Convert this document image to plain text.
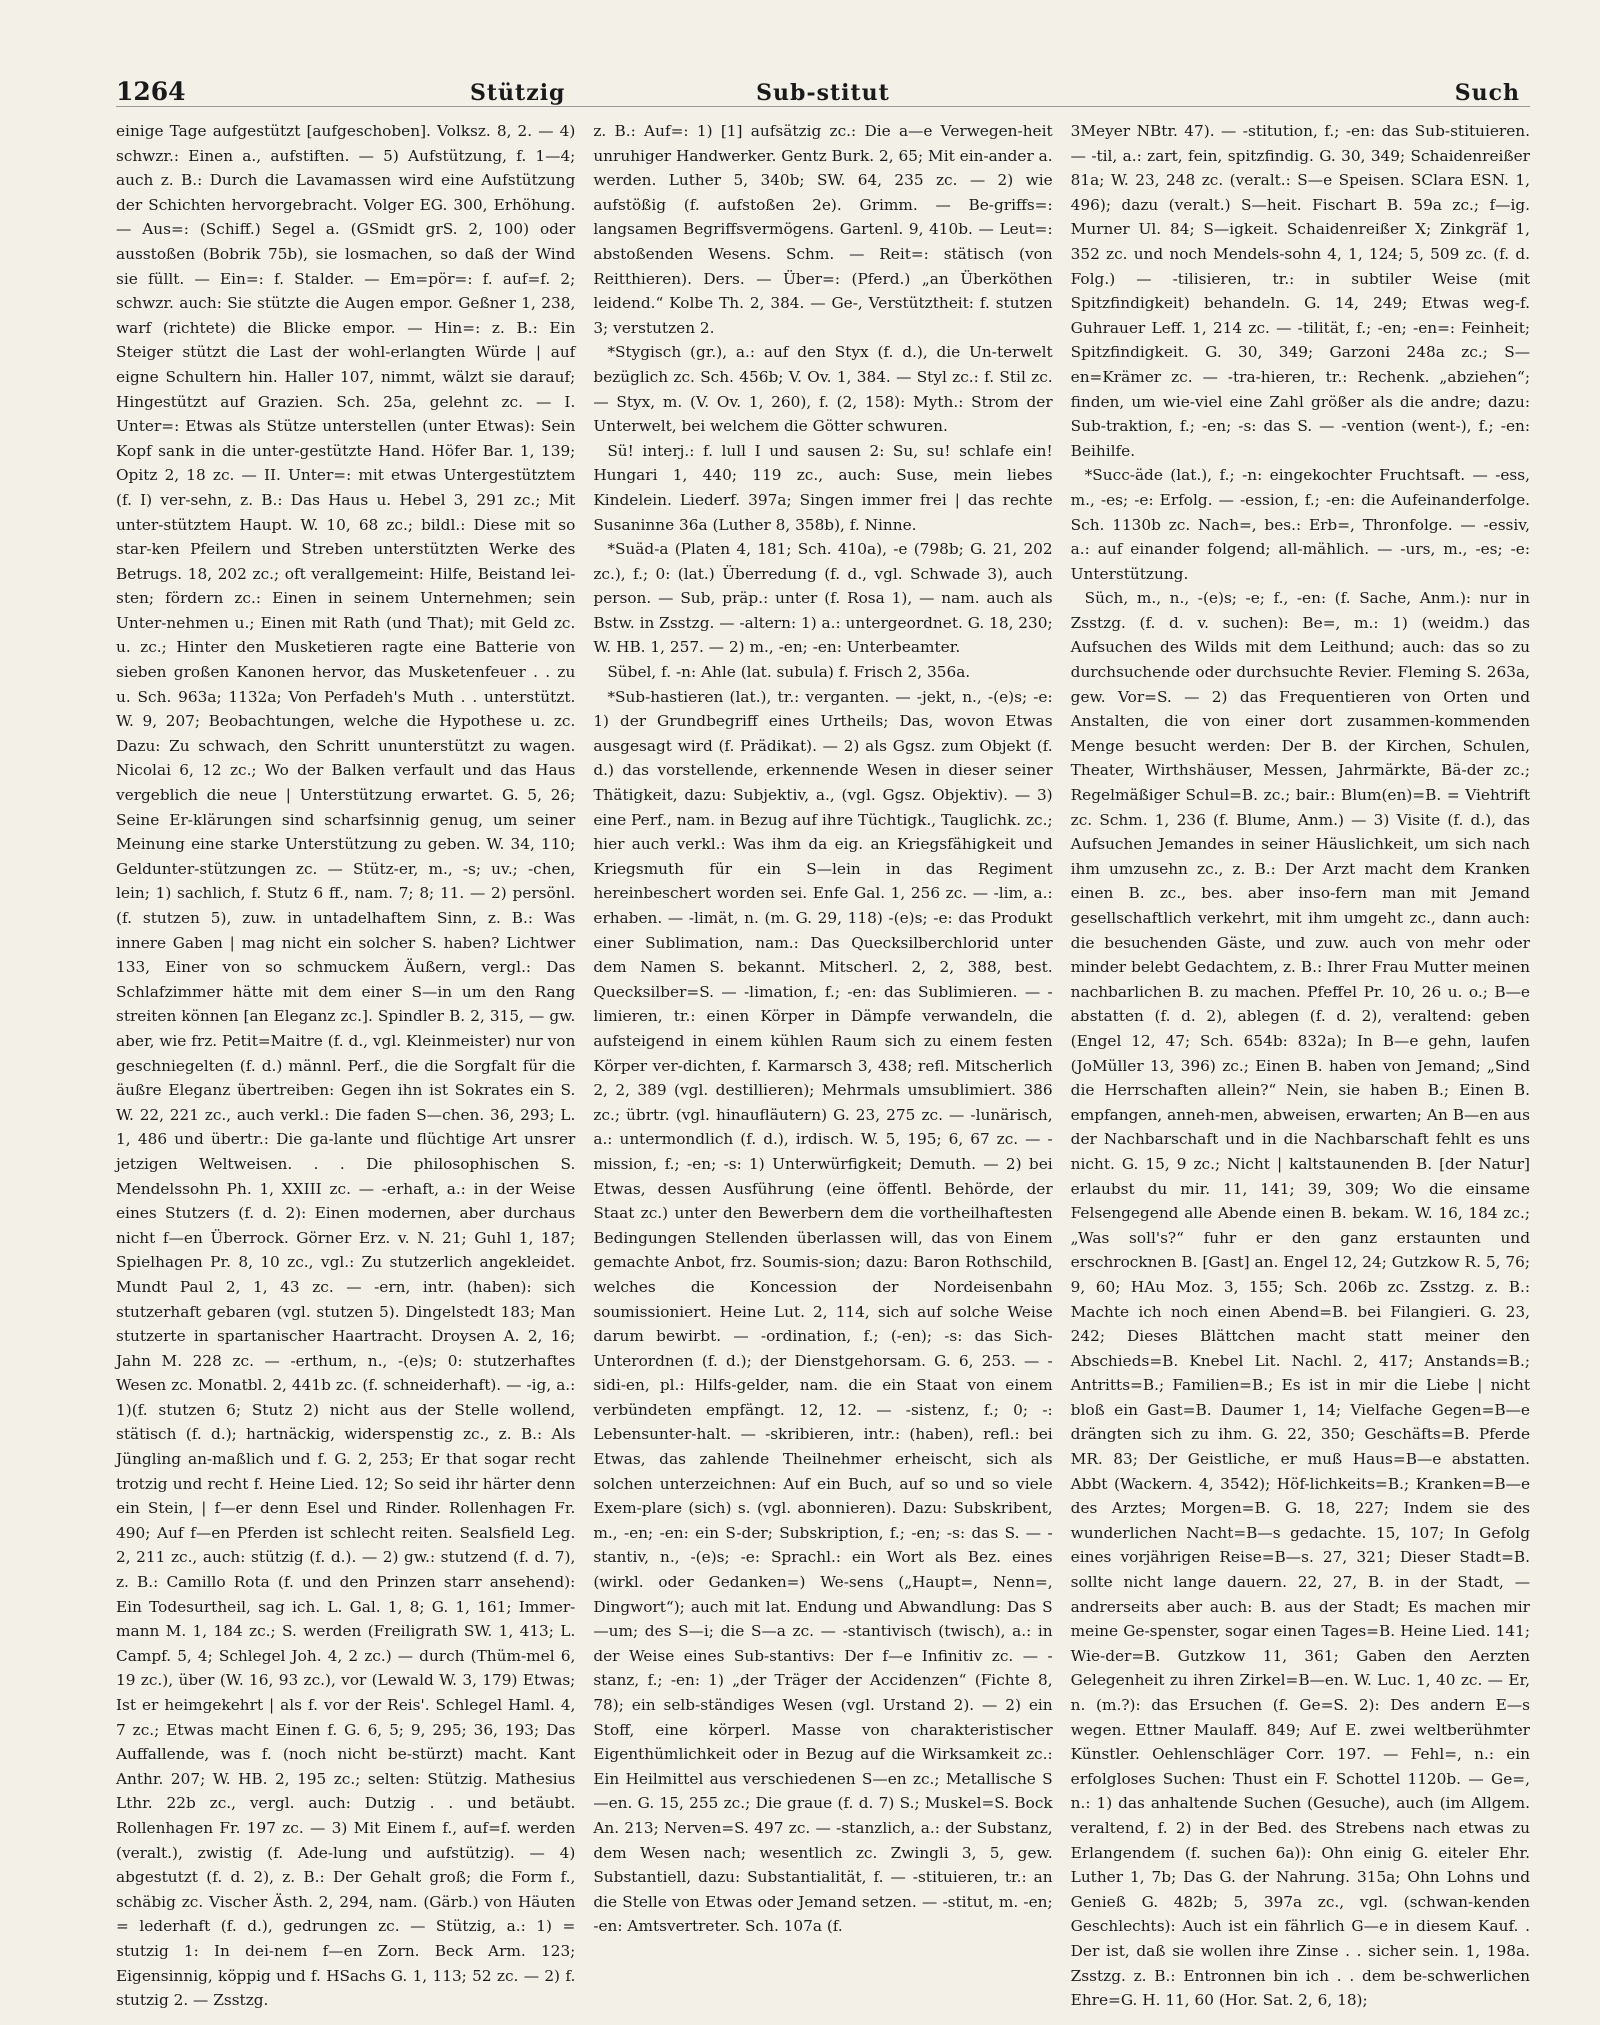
1264	Sub-stitut	Such
Stützig

einige Tage aufgestützt [aufgeschoben]. Volksz. 8, 2. — 4) schwzr.: Einen a., aufstiften. — 5) Aufstützung, f. 1—4; auch z. B.: Durch die Lavamassen wird eine Aufstützung der Schichten hervorgebracht. Volger EG. 300, Erhöhung. — Aus=: (Schiff.) Segel a. (GSmidt grS. 2, 100) oder ausstoßen (Bobrik 75b), sie losmachen, so daß der Wind sie füllt. — Ein=: f. Stalder. — Em=pör=: f. auf=f. 2; schwzr. auch: Sie stützte die Augen empor. Geßner 1, 238, warf (richtete) die Blicke empor. — Hin=: z. B.: Ein Steiger stützt die Last der wohl-erlangten Würde | auf eigne Schultern hin. Haller 107, nimmt, wälzt sie darauf; Hingestützt auf Grazien. Sch. 25a, gelehnt zc. — I. Unter=: Etwas als Stütze unterstellen (unter Etwas): Sein Kopf sank in die unter-gestützte Hand. Höfer Bar. 1, 139; Opitz 2, 18 zc. — II. Unter=: mit etwas Untergestütztem (f. I) ver-sehn, z. B.: Das Haus u. Hebel 3, 291 zc.; Mit unter-stütztem Haupt. W. 10, 68 zc.; bildl.: Diese mit so star-ken Pfeilern und Streben unterstützten Werke des Betrugs. 18, 202 zc.; oft verallgemeint: Hilfe, Beistand lei-sten; fördern zc.: Einen in seinem Unternehmen; sein Unter-nehmen u.; Einen mit Rath (und That); mit Geld zc. u. zc.; Hinter den Musketieren ragte eine Batterie von sieben großen Kanonen hervor, das Musketenfeuer . . zu u. Sch. 963a; 1132a; Von Perfadeh's Muth . . unterstützt. W. 9, 207; Beobachtungen, welche die Hypothese u. zc. Dazu: Zu schwach, den Schritt ununterstützt zu wagen. Nicolai 6, 12 zc.; Wo der Balken verfault und das Haus vergeblich die neue | Unterstützung erwartet. G. 5, 26; Seine Er-klärungen sind scharfsinnig genug, um seiner Meinung eine starke Unterstützung zu geben. W. 34, 110; Geldunter-stützungen zc. — Stütz-er, m., -s; uv.; -chen, lein; 1) sachlich, f. Stutz 6 ff., nam. 7; 8; 11. — 2) persönl. (f. stutzen 5), zuw. in untadelhaftem Sinn, z. B.: Was innere Gaben | mag nicht ein solcher S. haben? Lichtwer 133, Einer von so schmuckem Äußern, vergl.: Das Schlafzimmer hätte mit dem einer S—in um den Rang streiten können [an Eleganz zc.]. Spindler B. 2, 315, — gw. aber, wie frz. Petit=Maitre (f. d., vgl. Kleinmeister) nur von geschniegelten (f. d.) männl. Perf., die die Sorgfalt für die äußre Eleganz übertreiben: Gegen ihn ist Sokrates ein S. W. 22, 221 zc., auch verkl.: Die faden S—chen. 36, 293; L. 1, 486 und übertr.: Die ga-lante und flüchtige Art unsrer jetzigen Weltweisen. . . Die philosophischen S. Mendelssohn Ph. 1, XXIII zc. — -erhaft, a.: in der Weise eines Stutzers (f. d. 2): Einen modernen, aber durchaus nicht f—en Überrock. Görner Erz. v. N. 21; Guhl 1, 187; Spielhagen Pr. 8, 10 zc., vgl.: Zu stutzerlich angekleidet. Mundt Paul 2, 1, 43 zc. — -ern, intr. (haben): sich stutzerhaft gebaren (vgl. stutzen 5). Dingelstedt 183; Man stutzerte in spartanischer Haartracht. Droysen A. 2, 16; Jahn M. 228 zc. — -erthum, n., -(e)s; 0: stutzerhaftes Wesen zc. Monatbl. 2, 441b zc. (f. schneiderhaft). — -ig, a.: 1)(f. stutzen 6; Stutz 2) nicht aus der Stelle wollend, stätisch (f. d.); hartnäckig, widerspenstig zc., z. B.: Als Jüngling an-maßlich und f. G. 2, 253; Er that sogar recht trotzig und recht f. Heine Lied. 12; So seid ihr härter denn ein Stein, | f—er denn Esel und Rinder. Rollenhagen Fr. 490; Auf f—en Pferden ist schlecht reiten. Sealsfield Leg. 2, 211 zc., auch: stützig (f. d.). — 2) gw.: stutzend (f. d. 7), z. B.: Camillo Rota (f. und den Prinzen starr ansehend): Ein Todesurtheil, sag ich. L. Gal. 1, 8; G. 1, 161; Immer-mann M. 1, 184 zc.; S. werden (Freiligrath SW. 1, 413; L. Campf. 5, 4; Schlegel Joh. 4, 2 zc.) — durch (Thüm-mel 6, 19 zc.), über (W. 16, 93 zc.), vor (Lewald W. 3, 179) Etwas; Ist er heimgekehrt | als f. vor der Reis'. Schlegel Haml. 4, 7 zc.; Etwas macht Einen f. G. 6, 5; 9, 295; 36, 193; Das Auffallende, was f. (noch nicht be-stürzt) macht. Kant Anthr. 207; W. HB. 2, 195 zc.; selten: Stützig. Mathesius Lthr. 22b zc., vergl. auch: Dutzig . . und betäubt. Rollenhagen Fr. 197 zc. — 3) Mit Einem f., auf=f. werden (veralt.), zwistig (f. Ade-lung und aufstützig). — 4) abgestutzt (f. d. 2), z. B.: Der Gehalt groß; die Form f., schäbig zc. Vischer Ästh. 2, 294, nam. (Gärb.) von Häuten = lederhaft (f. d.), gedrungen zc. — Stützig, a.: 1) = stutzig 1: In dei-nem f—en Zorn. Beck Arm. 123; Eigensinnig, köppig und f. HSachs G. 1, 113; 52 zc. — 2) f. stutzig 2. — Zsstzg.

z. B.: Auf=: 1) [1] aufsätzig zc.: Die a—e Verwegen-heit unruhiger Handwerker. Gentz Burk. 2, 65; Mit ein-ander a. werden. Luther 5, 340b; SW. 64, 235 zc. — 2) wie aufstößig (f. aufstoßen 2e). Grimm. — Be-griffs=: langsamen Begriffsvermögens. Gartenl. 9, 410b. — Leut=: abstoßenden Wesens. Schm. — Reit=: stätisch (von Reitthieren). Ders. — Über=: (Pferd.) „an Überköthen leidend.“ Kolbe Th. 2, 384. — Ge-, Verstütztheit: f. stutzen 3; verstutzen 2.

*Stygisch (gr.), a.: auf den Styx (f. d.), die Un-terwelt bezüglich zc. Sch. 456b; V. Ov. 1, 384. — Styl zc.: f. Stil zc. — Styx, m. (V. Ov. 1, 260), f. (2, 158): Myth.: Strom der Unterwelt, bei welchem die Götter schwuren.

Sü! interj.: f. lull I und sausen 2: Su, su! schlafe ein! Hungari 1, 440; 119 zc., auch: Suse, mein liebes Kindelein. Liederf. 397a; Singen immer frei | das rechte Susaninne 36a (Luther 8, 358b), f. Ninne.

*Suäd-a (Platen 4, 181; Sch. 410a), -e (798b; G. 21, 202 zc.), f.; 0: (lat.) Überredung (f. d., vgl. Schwade 3), auch person. — Sub, präp.: unter (f. Rosa 1), — nam. auch als Bstw. in Zsstzg. — -altern: 1) a.: untergeordnet. G. 18, 230; W. HB. 1, 257. — 2) m., -en; -en: Unterbeamter.

Sübel, f. -n: Ahle (lat. subula) f. Frisch 2, 356a.

*Sub-hastieren (lat.), tr.: verganten. — -jekt, n., -(e)s; -e: 1) der Grundbegriff eines Urtheils; Das, wovon Etwas ausgesagt wird (f. Prädikat). — 2) als Ggsz. zum Objekt (f. d.) das vorstellende, erkennende Wesen in dieser seiner Thätigkeit, dazu: Subjektiv, a., (vgl. Ggsz. Objektiv). — 3) eine Perf., nam. in Bezug auf ihre Tüchtigk., Tauglichk. zc.; hier auch verkl.: Was ihm da eig. an Kriegsfähigkeit und Kriegsmuth für ein S—lein in das Regiment hereinbeschert worden sei. Enfe Gal. 1, 256 zc. — -lim, a.: erhaben. — -limät, n. (m. G. 29, 118) -(e)s; -e: das Produkt einer Sublimation, nam.: Das Quecksilberchlorid unter dem Namen S. bekannt. Mitscherl. 2, 2, 388, best. Quecksilber=S. — -limation, f.; -en: das Sublimieren. — -limieren, tr.: einen Körper in Dämpfe verwandeln, die aufsteigend in einem kühlen Raum sich zu einem festen Körper ver-dichten, f. Karmarsch 3, 438; refl. Mitscherlich 2, 2, 389 (vgl. destillieren); Mehrmals umsublimiert. 386 zc.; übrtr. (vgl. hinaufläutern) G. 23, 275 zc. — -lunärisch, a.: untermondlich (f. d.), irdisch. W. 5, 195; 6, 67 zc. — -mission, f.; -en; -s: 1) Unterwürfigkeit; Demuth. — 2) bei Etwas, dessen Ausführung (eine öffentl. Behörde, der Staat zc.) unter den Bewerbern dem die vortheilhaftesten Bedingungen Stellenden überlassen will, das von Einem gemachte Anbot, frz. Soumis-sion; dazu: Baron Rothschild, welches die Koncession der Nordeisenbahn soumissioniert. Heine Lut. 2, 114, sich auf solche Weise darum bewirbt. — -ordination, f.; (-en); -s: das Sich-Unterordnen (f. d.); der Dienstgehorsam. G. 6, 253. — -sidi-en, pl.: Hilfs-gelder, nam. die ein Staat von einem verbündeten empfängt. 12, 12. — -sistenz, f.; 0; -: Lebensunter-halt. — -skribieren, intr.: (haben), refl.: bei Etwas, das zahlende Theilnehmer erheischt, sich als solchen unterzeichnen: Auf ein Buch, auf so und so viele Exem-plare (sich) s. (vgl. abonnieren). Dazu: Subskribent, m., -en; -en: ein S-der; Subskription, f.; -en; -s: das S. — -stantiv, n., -(e)s; -e: Sprachl.: ein Wort als Bez. eines (wirkl. oder Gedanken=) We-sens („Haupt=, Nenn=, Dingwort“); auch mit lat. Endung und Abwandlung: Das S—um; des S—i; die S—a zc. — -stantivisch (twisch), a.: in der Weise eines Sub-stantivs: Der f—e Infinitiv zc. — -stanz, f.; -en: 1) „der Träger der Accidenzen“ (Fichte 8, 78); ein selb-ständiges Wesen (vgl. Urstand 2). — 2) ein Stoff, eine körperl. Masse von charakteristischer Eigenthümlichkeit oder in Bezug auf die Wirksamkeit zc.: Ein Heilmittel aus verschiedenen S—en zc.; Metallische S—en. G. 15, 255 zc.; Die graue (f. d. 7) S.; Muskel=S. Bock An. 213; Nerven=S. 497 zc. — -stanzlich, a.: der Substanz, dem Wesen nach; wesentlich zc. Zwingli 3, 5, gew. Substantiell, dazu: Substantialität, f. — -stituieren, tr.: an die Stelle von Etwas oder Jemand setzen. — -stitut, m. -en; -en: Amtsvertreter. Sch. 107a (f.

3Meyer NBtr. 47). — -stitution, f.; -en: das Sub-stituieren. — -til, a.: zart, fein, spitzfindig. G. 30, 349; Schaidenreißer 81a; W. 23, 248 zc. (veralt.: S—e Speisen. SClara ESN. 1, 496); dazu (veralt.) S—heit. Fischart B. 59a zc.; f—ig. Murner Ul. 84; S—igkeit. Schaidenreißer X; Zinkgräf 1, 352 zc. und noch Mendels-sohn 4, 1, 124; 5, 509 zc. (f. d. Folg.) — -tilisieren, tr.: in subtiler Weise (mit Spitzfindigkeit) behandeln. G. 14, 249; Etwas weg-f. Guhrauer Leff. 1, 214 zc. — -tilität, f.; -en; -en=: Feinheit; Spitzfindigkeit. G. 30, 349; Garzoni 248a zc.; S—en=Krämer zc. — -tra-hieren, tr.: Rechenk. „abziehen“; finden, um wie-viel eine Zahl größer als die andre; dazu: Sub-traktion, f.; -en; -s: das S. — -vention (went-), f.; -en: Beihilfe.

*Succ-äde (lat.), f.; -n: eingekochter Fruchtsaft. — -ess, m., -es; -e: Erfolg. — -ession, f.; -en: die Aufeinanderfolge. Sch. 1130b zc. Nach=, bes.: Erb=, Thronfolge. — -essiv, a.: auf einander folgend; all-mählich. — -urs, m., -es; -e: Unterstützung.

Süch, m., n., -(e)s; -e; f., -en: (f. Sache, Anm.): nur in Zsstzg. (f. d. v. suchen): Be=, m.: 1) (weidm.) das Aufsuchen des Wilds mit dem Leithund; auch: das so zu durchsuchende oder durchsuchte Revier. Fleming S. 263a, gew. Vor=S. — 2) das Frequentieren von Orten und Anstalten, die von einer dort zusammen-kommenden Menge besucht werden: Der B. der Kirchen, Schulen, Theater, Wirthshäuser, Messen, Jahrmärkte, Bä-der zc.; Regelmäßiger Schul=B. zc.; bair.: Blum(en)=B. = Viehtrift zc. Schm. 1, 236 (f. Blume, Anm.) — 3) Visite (f. d.), das Aufsuchen Jemandes in seiner Häuslichkeit, um sich nach ihm umzusehn zc., z. B.: Der Arzt macht dem Kranken einen B. zc., bes. aber inso-fern man mit Jemand gesellschaftlich verkehrt, mit ihm umgeht zc., dann auch: die besuchenden Gäste, und zuw. auch von mehr oder minder belebt Gedachtem, z. B.: Ihrer Frau Mutter meinen nachbarlichen B. zu machen. Pfeffel Pr. 10, 26 u. o.; B—e abstatten (f. d. 2), ablegen (f. d. 2), veraltend: geben (Engel 12, 47; Sch. 654b: 832a); In B—e gehn, laufen (JoMüller 13, 396) zc.; Einen B. haben von Jemand; „Sind die Herrschaften allein?“ Nein, sie haben B.; Einen B. empfangen, anneh-men, abweisen, erwarten; An B—en aus der Nachbarschaft und in die Nachbarschaft fehlt es uns nicht. G. 15, 9 zc.; Nicht | kaltstaunenden B. [der Natur] erlaubst du mir. 11, 141; 39, 309; Wo die einsame Felsengegend alle Abende einen B. bekam. W. 16, 184 zc.; „Was soll's?“ fuhr er den ganz erstaunten und erschrocknen B. [Gast] an. Engel 12, 24; Gutzkow R. 5, 76; 9, 60; HAu Moz. 3, 155; Sch. 206b zc. Zsstzg. z. B.: Machte ich noch einen Abend=B. bei Filangieri. G. 23, 242; Dieses Blättchen macht statt meiner den Abschieds=B. Knebel Lit. Nachl. 2, 417; Anstands=B.; Antritts=B.; Familien=B.; Es ist in mir die Liebe | nicht bloß ein Gast=B. Daumer 1, 14; Vielfache Gegen=B—e drängten sich zu ihm. G. 22, 350; Geschäfts=B. Pferde MR. 83; Der Geistliche, er muß Haus=B—e abstatten. Abbt (Wackern. 4, 3542); Höf-lichkeits=B.; Kranken=B—e des Arztes; Morgen=B. G. 18, 227; Indem sie des wunderlichen Nacht=B—s gedachte. 15, 107; In Gefolg eines vorjährigen Reise=B—s. 27, 321; Dieser Stadt=B. sollte nicht lange dauern. 22, 27, B. in der Stadt, — andrerseits aber auch: B. aus der Stadt; Es machen mir meine Ge-spenster, sogar einen Tages=B. Heine Lied. 141; Wie-der=B. Gutzkow 11, 361; Gaben den Aerzten Gelegenheit zu ihren Zirkel=B—en. W. Luc. 1, 40 zc. — Er, n. (m.?): das Ersuchen (f. Ge=S. 2): Des andern E—s wegen. Ettner Maulaff. 849; Auf E. zwei weltberühmter Künstler. Oehlenschläger Corr. 197. — Fehl=, n.: ein erfolgloses Suchen: Thust ein F. Schottel 1120b. — Ge=, n.: 1) das anhaltende Suchen (Gesuche), auch (im Allgem. veraltend, f. 2) in der Bed. des Strebens nach etwas zu Erlangendem (f. suchen 6a)): Ohn einig G. eiteler Ehr. Luther 1, 7b; Das G. der Nahrung. 315a; Ohn Lohns und Genieß G. 482b; 5, 397a zc., vgl. (schwan-kenden Geschlechts): Auch ist ein fährlich G—e in diesem Kauf. . Der ist, daß sie wollen ihre Zinse . . sicher sein. 1, 198a. Zsstzg. z. B.: Entronnen bin ich . . dem be-schwerlichen Ehre=G. H. 11, 60 (Hor. Sat. 2, 6, 18);
